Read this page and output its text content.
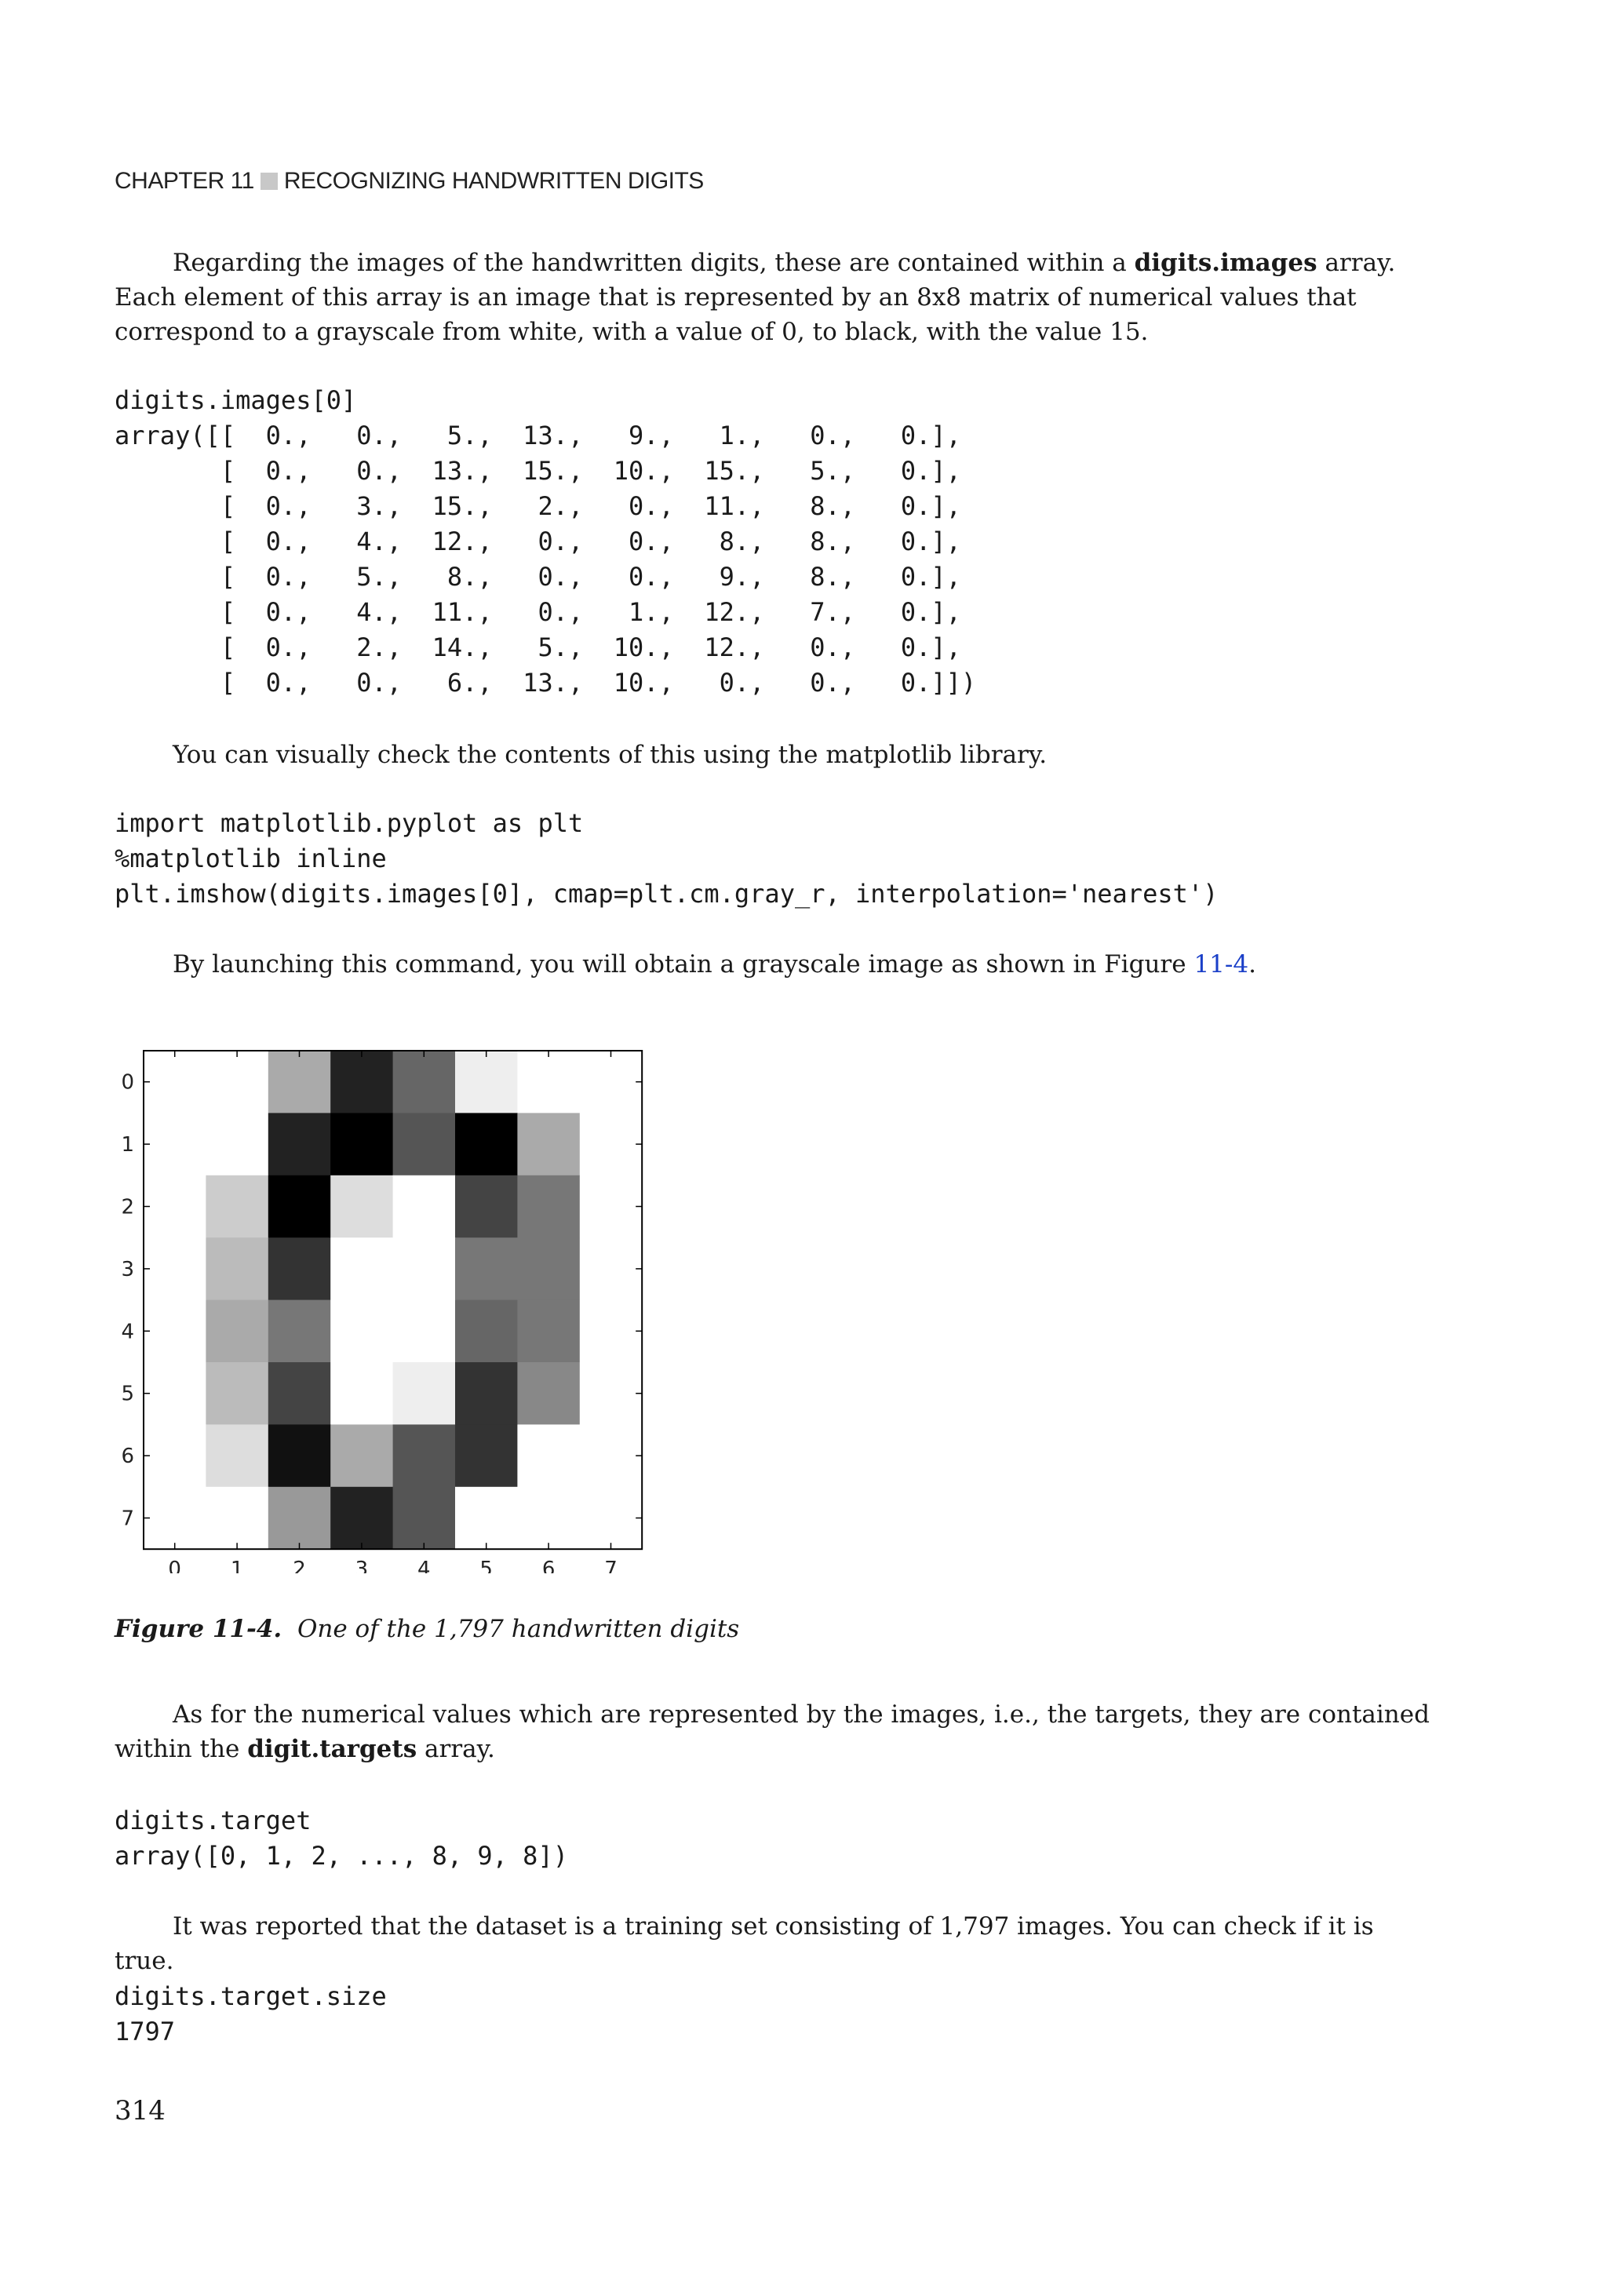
CHAPTER 11 RECOGNIZING HANDWRITTEN DIGITS

Regarding the images of the handwritten digits, these are contained within a digits.images array. Each element of this array is an image that is represented by an 8x8 matrix of numerical values that correspond to a grayscale from white, with a value of 0, to black, with the value 15.

digits.images[0]
array([[  0.,   0.,   5.,  13.,   9.,   1.,   0.,   0.],
[  0.,   0.,  13.,  15.,  10.,  15.,   5.,   0.],
[  0.,   3.,  15.,   2.,   0.,  11.,   8.,   0.],
[  0.,   4.,  12.,   0.,   0.,   8.,   8.,   0.],
[  0.,   5.,   8.,   0.,   0.,   9.,   8.,   0.],
[  0.,   4.,  11.,   0.,   1.,  12.,   7.,   0.],
[  0.,   2.,  14.,   5.,  10.,  12.,   0.,   0.],
[  0.,   0.,   6.,  13.,  10.,   0.,   0.,   0.]])

You can visually check the contents of this using the matplotlib library.

import matplotlib.pyplot as plt
%matplotlib inline
plt.imshow(digits.images[0], cmap=plt.cm.gray_r, interpolation='nearest')

By launching this command, you will obtain a grayscale image as shown in Figure 11-4.

0 1 2 3 4 5 6 7
0
1
2
3
4
5
6
7
Figure 11-4. One of the 1,797 handwritten digits

As for the numerical values which are represented by the images, i.e., the targets, they are contained within the digit.targets array.

digits.target
array([0, 1, 2, ..., 8, 9, 8])

It was reported that the dataset is a training set consisting of 1,797 images. You can check if it is true.

digits.target.size
1797
314
